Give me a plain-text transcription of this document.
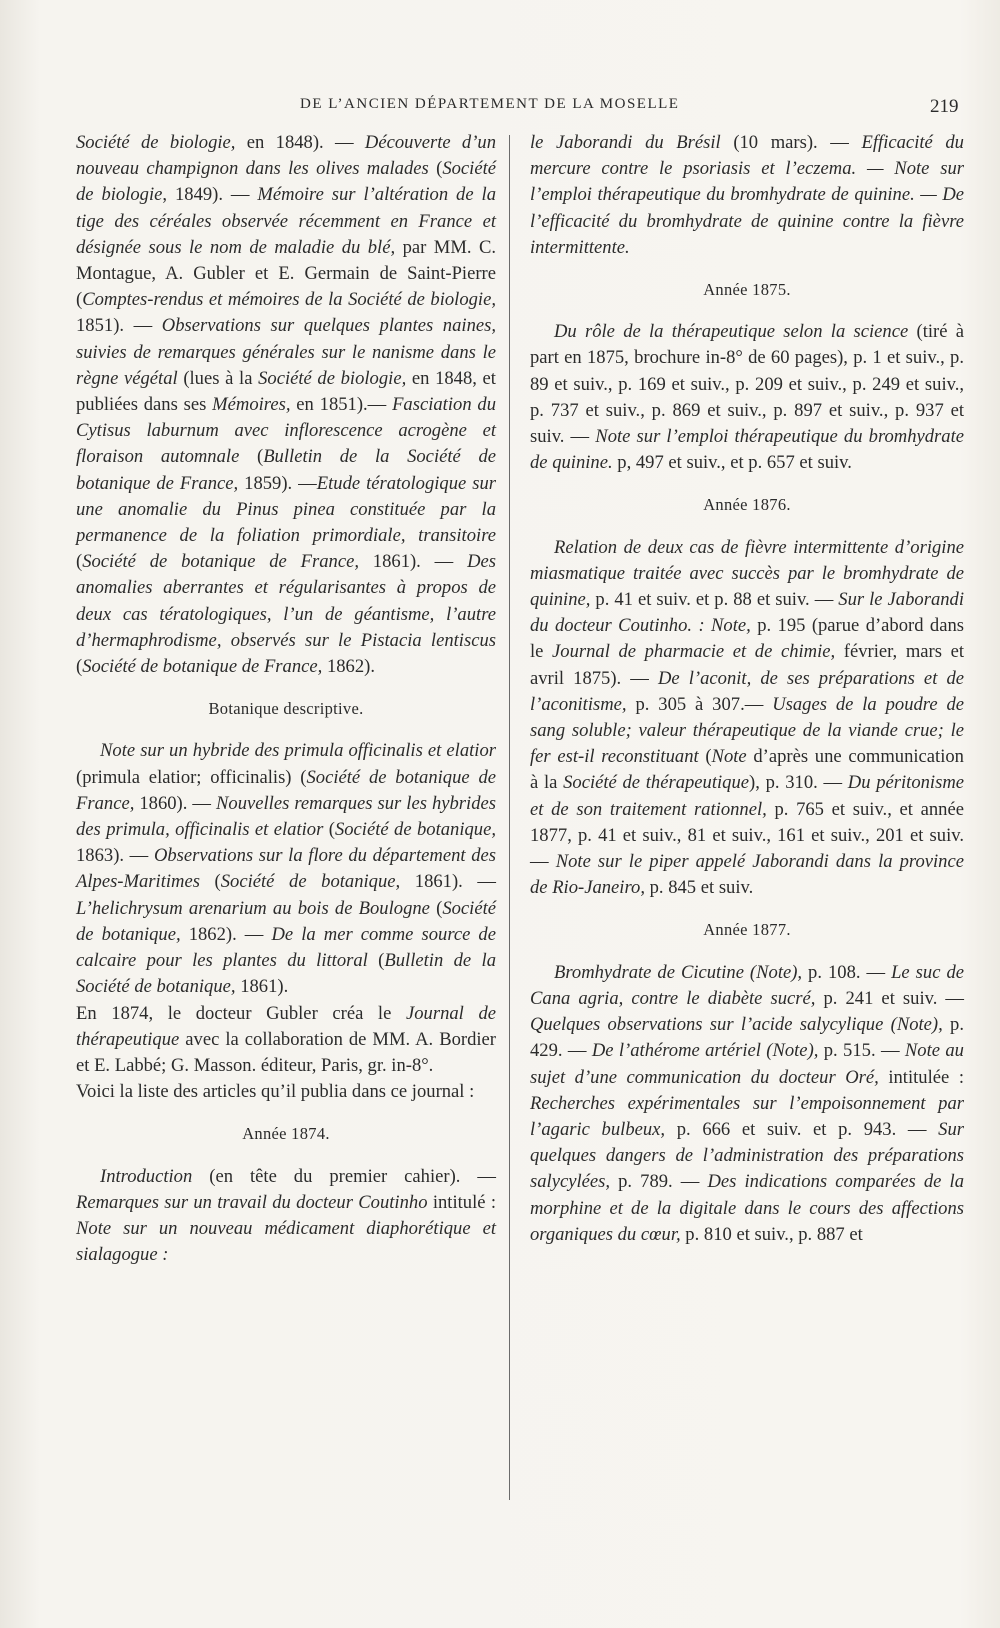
DE L’ANCIEN DÉPARTEMENT DE LA MOSELLE	219

Société de biologie, en 1848). — Découverte d’un nouveau champignon dans les olives malades (Société de biologie, 1849). — Mémoire sur l’altération de la tige des céréales observée récemment en France et désignée sous le nom de maladie du blé, par MM. C. Montague, A. Gubler et E. Germain de Saint-Pierre (Comptes-rendus et mémoires de la Société de biologie, 1851). — Observations sur quelques plantes naines, suivies de remarques générales sur le nanisme dans le règne végétal (lues à la Société de biologie, en 1848, et publiées dans ses Mémoires, en 1851).— Fasciation du Cytisus laburnum avec inflorescence acrogène et floraison automnale (Bulletin de la Société de botanique de France, 1859). —Etude tératologique sur une anomalie du Pinus pinea constituée par la permanence de la foliation primordiale, transitoire (Société de botanique de France, 1861). — Des anomalies aberrantes et régularisantes à propos de deux cas tératologiques, l’un de géantisme, l’autre d’hermaphrodisme, observés sur le Pistacia lentiscus (Société de botanique de France, 1862).

Botanique descriptive.

Note sur un hybride des primula officinalis et elatior (primula elatior; officinalis) (Société de botanique de France, 1860). — Nouvelles remarques sur les hybrides des primula, officinalis et elatior (Société de botanique, 1863). — Observations sur la flore du département des Alpes-Maritimes (Société de botanique, 1861). — L’helichrysum arenarium au bois de Boulogne (Société de botanique, 1862). — De la mer comme source de calcaire pour les plantes du littoral (Bulletin de la Société de botanique, 1861).

En 1874, le docteur Gubler créa le Journal de thérapeutique avec la collaboration de MM. A. Bordier et E. Labbé; G. Masson. éditeur, Paris, gr. in-8°.

Voici la liste des articles qu’il publia dans ce journal :

Année 1874.

Introduction (en tête du premier cahier). — Remarques sur un travail du docteur Coutinho intitulé : Note sur un nouveau médicament diaphorétique et sialagogue :

le Jaborandi du Brésil (10 mars). — Efficacité du mercure contre le psoriasis et l’eczema. — Note sur l’emploi thérapeutique du bromhydrate de quinine. — De l’efficacité du bromhydrate de quinine contre la fièvre intermittente.

Année 1875.

Du rôle de la thérapeutique selon la science (tiré à part en 1875, brochure in-8° de 60 pages), p. 1 et suiv., p. 89 et suiv., p. 169 et suiv., p. 209 et suiv., p. 249 et suiv., p. 737 et suiv., p. 869 et suiv., p. 897 et suiv., p. 937 et suiv. — Note sur l’emploi thérapeutique du bromhydrate de quinine. p, 497 et suiv., et p. 657 et suiv.

Année 1876.

Relation de deux cas de fièvre intermittente d’origine miasmatique traitée avec succès par le bromhydrate de quinine, p. 41 et suiv. et p. 88 et suiv. — Sur le Jaborandi du docteur Coutinho. : Note, p. 195 (parue d’abord dans le Journal de pharmacie et de chimie, février, mars et avril 1875). — De l’aconit, de ses préparations et de l’aconitisme, p. 305 à 307.— Usages de la poudre de sang soluble; valeur thérapeutique de la viande crue; le fer est-il reconstituant (Note d’après une communication à la Société de thérapeutique), p. 310. — Du péritonisme et de son traitement rationnel, p. 765 et suiv., et année 1877, p. 41 et suiv., 81 et suiv., 161 et suiv., 201 et suiv. — Note sur le piper appelé Jaborandi dans la province de Rio-Janeiro, p. 845 et suiv.

Année 1877.

Bromhydrate de Cicutine (Note), p. 108. — Le suc de Cana agria, contre le diabète sucré, p. 241 et suiv. — Quelques observations sur l’acide salycylique (Note), p. 429. — De l’athérome artériel (Note), p. 515. — Note au sujet d’une communication du docteur Oré, intitulée : Recherches expérimentales sur l’empoisonnement par l’agaric bulbeux, p. 666 et suiv. et p. 943. — Sur quelques dangers de l’administration des préparations salycylées, p. 789. — Des indications comparées de la morphine et de la digitale dans le cours des affections organiques du cœur, p. 810 et suiv., p. 887 et
